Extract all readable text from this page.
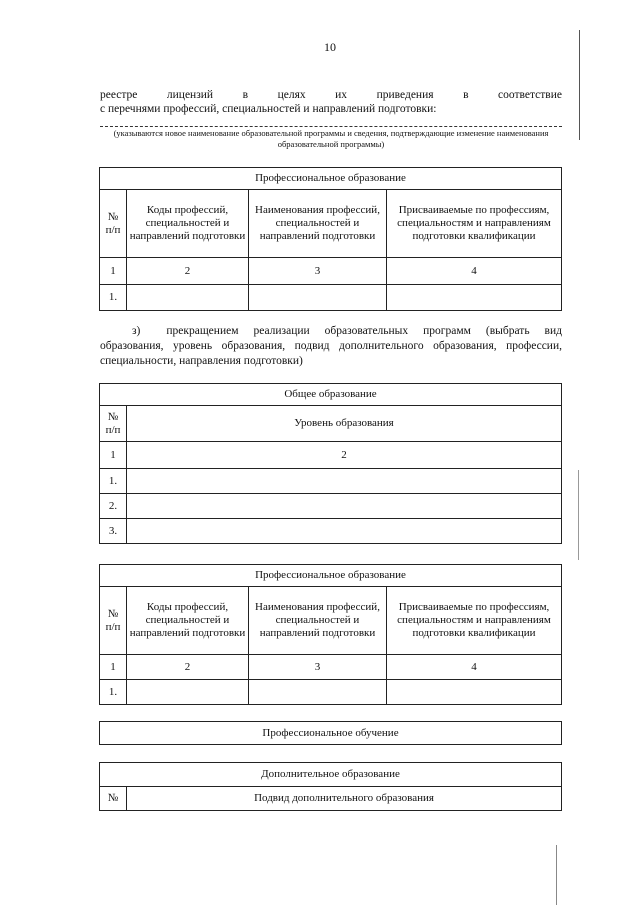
10
реестре	лицензий	в	целях	их	приведения	в	соответствие
с перечнями профессий, специальностей и направлений подготовки:
(указываются новое наименование образовательной программы и сведения, подтверждающие изменение наименования образовательной программы)
Профессиональное образование			
№ п/п	Коды профессий, специальностей и направлений подготовки	Наименования профессий, специальностей и направлений подготовки	Присваиваемые по профессиям, специальностям и направлениям подготовки квалификации
1	2	3	4
1.			
з) прекращением реализации образовательных программ (выбрать вид образования, уровень образования, подвид дополнительного образования, профессии, специальности, направления подготовки)
Общее образование	
№ п/п	Уровень образования
1	2
1.	
2.	
3.	
Профессиональное образование			
№ п/п	Коды профессий, специальностей и направлений подготовки	Наименования профессий, специальностей и направлений подготовки	Присваиваемые по профессиям, специальностям и направлениям подготовки квалификации
1	2	3	4
1.			
Профессиональное обучение
Дополнительное образование
№	Подвид дополнительного образования
